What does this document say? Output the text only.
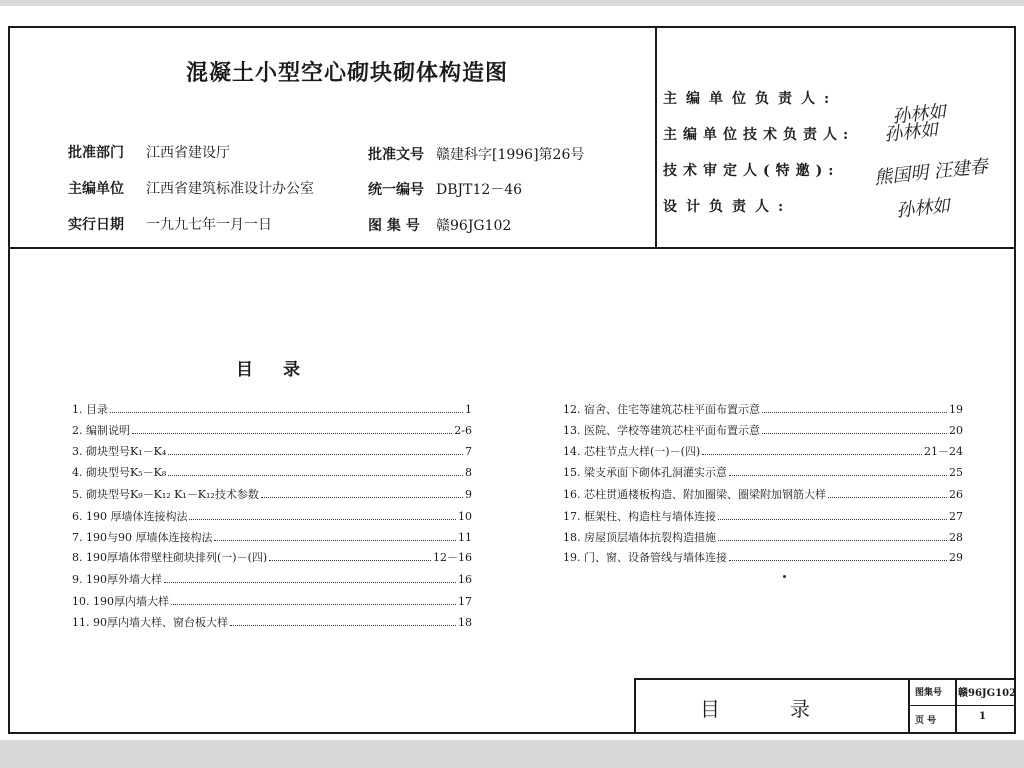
混凝土小型空心砌块砌体构造图
批准部门 江西省建设厅
主编单位 江西省建筑标准设计办公室
实行日期 一九九七年一月一日
批准文号 赣建科字[1996]第26号
统一编号 DBJT12－46
图 集 号 赣96JG102
主编单位负责人:
孙林如
主编单位技术负责人: 孙林如
技术审定人(特邀): 熊国明 汪建春
设计负责人:	孙林如
目录
1. 目录	1
2. 编制说明	2-6
3. 砌块型号K₁－K₄	7
4. 砌块型号K₅－K₈	8
5. 砌块型号K₉－K₁₂ K₁－K₁₂技术参数	9
6. 190 厚墙体连接构法	10
7. 190与90 厚墙体连接构法	11
8. 190厚墙体带壁柱砌块排列(一)－(四)	12－16
9. 190厚外墙大样	16
10. 190厚内墙大样	17
11. 90厚内墙大样、窗台板大样	18
12. 宿舍、住宅等建筑芯柱平面布置示意	19
13. 医院、学校等建筑芯柱平面布置示意	20
14. 芯柱节点大样(一)－(四)	21－24
15. 梁支承面下砌体孔洞灌实示意	25
16. 芯柱贯通楼板构造、附加圈梁、圈梁附加钢筋大样	26
17. 框架柱、构造柱与墙体连接	27
18. 房屋顶层墙体抗裂构造措施	28
19. 门、窗、设备管线与墙体连接	29
目录
图集号 赣96JG102
页 号	1
